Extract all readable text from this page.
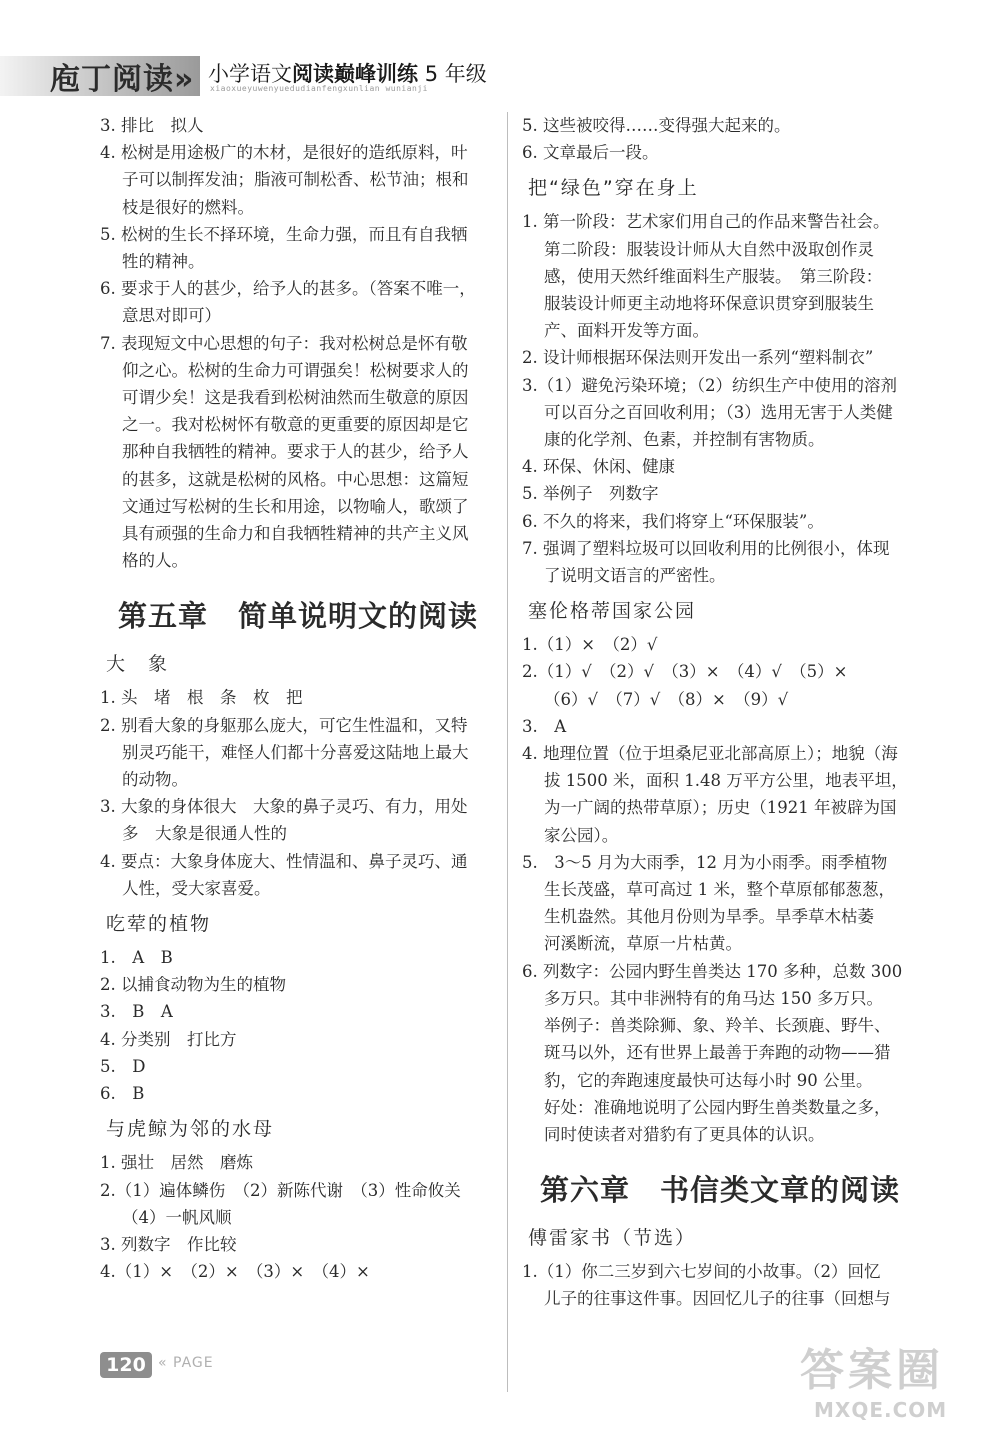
庖丁阅读» 小学语文阅读巅峰训练 5 年级
xiaoxueyuwenyuedudianfengxunlian wunianji

3. 排比　拟人

4. 松树是用途极广的木材，是很好的造纸原料，叶

子可以制挥发油；脂液可制松香、松节油；根和

枝是很好的燃料。

5. 松树的生长不择环境，生命力强，而且有自我牺

牲的精神。

6. 要求于人的甚少，给予人的甚多。（答案不唯一，

意思对即可）

7. 表现短文中心思想的句子：我对松树总是怀有敬

仰之心。松树的生命力可谓强矣！松树要求人的

可谓少矣！这是我看到松树油然而生敬意的原因

之一。我对松树怀有敬意的更重要的原因却是它

那种自我牺牲的精神。要求于人的甚少，给予人

的甚多，这就是松树的风格。中心思想：这篇短

文通过写松树的生长和用途，以物喻人，歌颂了

具有顽强的生命力和自我牺牲精神的共产主义风

格的人。

第五章　简单说明文的阅读
大　象

1. 头　堵　根　条　枚　把

2. 别看大象的身躯那么庞大，可它生性温和，又特

别灵巧能干，难怪人们都十分喜爱这陆地上最大

的动物。

3. 大象的身体很大　大象的鼻子灵巧、有力，用处

多　大象是很通人性的

4. 要点：大象身体庞大、性情温和、鼻子灵巧、通

人性，受大家喜爱。

吃荤的植物

1.　A　B

2. 以捕食动物为生的植物

3.　B　A

4. 分类别　打比方

5.　D

6.　B

与虎鲸为邻的水母

1. 强壮　居然　磨炼

2.（1）遍体鳞伤　（2）新陈代谢　（3）性命攸关

（4）一帆风顺

3. 列数字　作比较

4.（1）×　（2）×　（3）×　（4）×

5. 这些被咬得……变得强大起来的。

6. 文章最后一段。

把“绿色”穿在身上

1. 第一阶段：艺术家们用自己的作品来警告社会。

第二阶段：服装设计师从大自然中汲取创作灵

感，使用天然纤维面料生产服装。　第三阶段：

服装设计师更主动地将环保意识贯穿到服装生

产、面料开发等方面。

2. 设计师根据环保法则开发出一系列“塑料制衣”

3.（1）避免污染环境；（2）纺织生产中使用的溶剂

可以百分之百回收利用；（3）选用无害于人类健

康的化学剂、色素，并控制有害物质。

4. 环保、休闲、健康

5. 举例子　列数字

6. 不久的将来，我们将穿上“环保服装”。

7. 强调了塑料垃圾可以回收利用的比例很小，体现

了说明文语言的严密性。

塞伦格蒂国家公园

1.（1）×　（2）√

2.（1）√　（2）√　（3）×　（4）√　（5）×

（6）√　（7）√　（8）×　（9）√

3.　A

4. 地理位置（位于坦桑尼亚北部高原上）；地貌（海

拔 1500 米，面积 1.48 万平方公里，地表平坦，

为一广阔的热带草原）；历史（1921 年被辟为国

家公园）。

5.　3～5 月为大雨季，12 月为小雨季。雨季植物

生长茂盛，草可高过 1 米，整个草原郁郁葱葱，

生机盎然。其他月份则为旱季。旱季草木枯萎

河溪断流，草原一片枯黄。

6. 列数字：公园内野生兽类达 170 多种，总数 300

多万只。其中非洲特有的角马达 150 多万只。

举例子：兽类除狮、象、羚羊、长颈鹿、野牛、

斑马以外，还有世界上最善于奔跑的动物——猎

豹，它的奔跑速度最快可达每小时 90 公里。

好处：准确地说明了公园内野生兽类数量之多，

同时使读者对猎豹有了更具体的认识。

第六章　书信类文章的阅读
傅雷家书（节选）

1.（1）你二三岁到六七岁间的小故事。（2）回忆

儿子的往事这件事。因回忆儿子的往事（回想与

120 « PAGE	答案圈
MXQE.COM
